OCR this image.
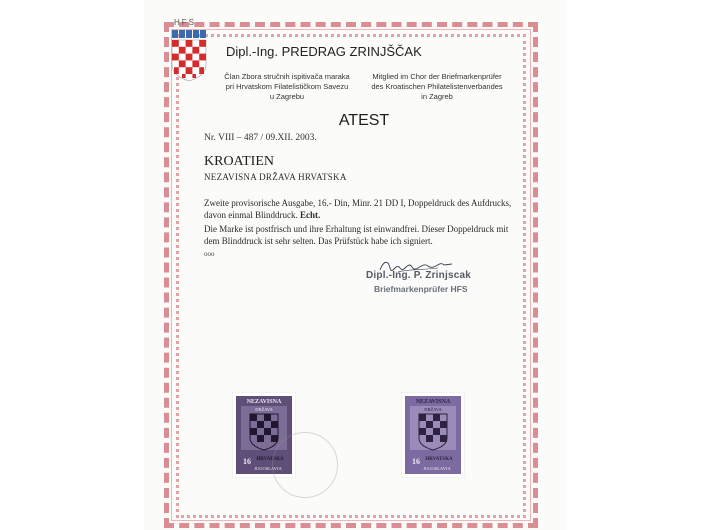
HFS
Dipl.-Ing. PREDRAG ZRINJŠČAK
Član Zbora stručnih ispitivača maraka
pri Hrvatskom Filatelističkom Savezu
u Zagrebu
Mitglied im Chor der Briefmarkenprüfer
des Kroatischen Philatelistenverbandes
in Zagreb
ATEST
Nr. VIII – 487 / 09.XII. 2003.
KROATIEN
NEZAVISNA DRŽAVA HRVATSKA
Zweite provisorische Ausgabe, 16.- Din, Minr. 21 DD I, Doppeldruck des Aufdrucks, davon einmal Blinddruck. Echt.
Die Marke ist postfrisch und ihre Erhaltung ist einwandfrei. Dieser Doppeldruck mit dem Blinddruck ist sehr selten. Das Prüfstück habe ich signiert.
ooo
Dipl.-Ing. P. Zrinjscak
Briefmarkenprüfer HFS
NEZAVISNA
DRŽAVA
16 HRVATSKA
JUGOSLAVIA
NEZAVISNA
DRŽAVA
16 HRVATSKA
JUGOSLAVIA
